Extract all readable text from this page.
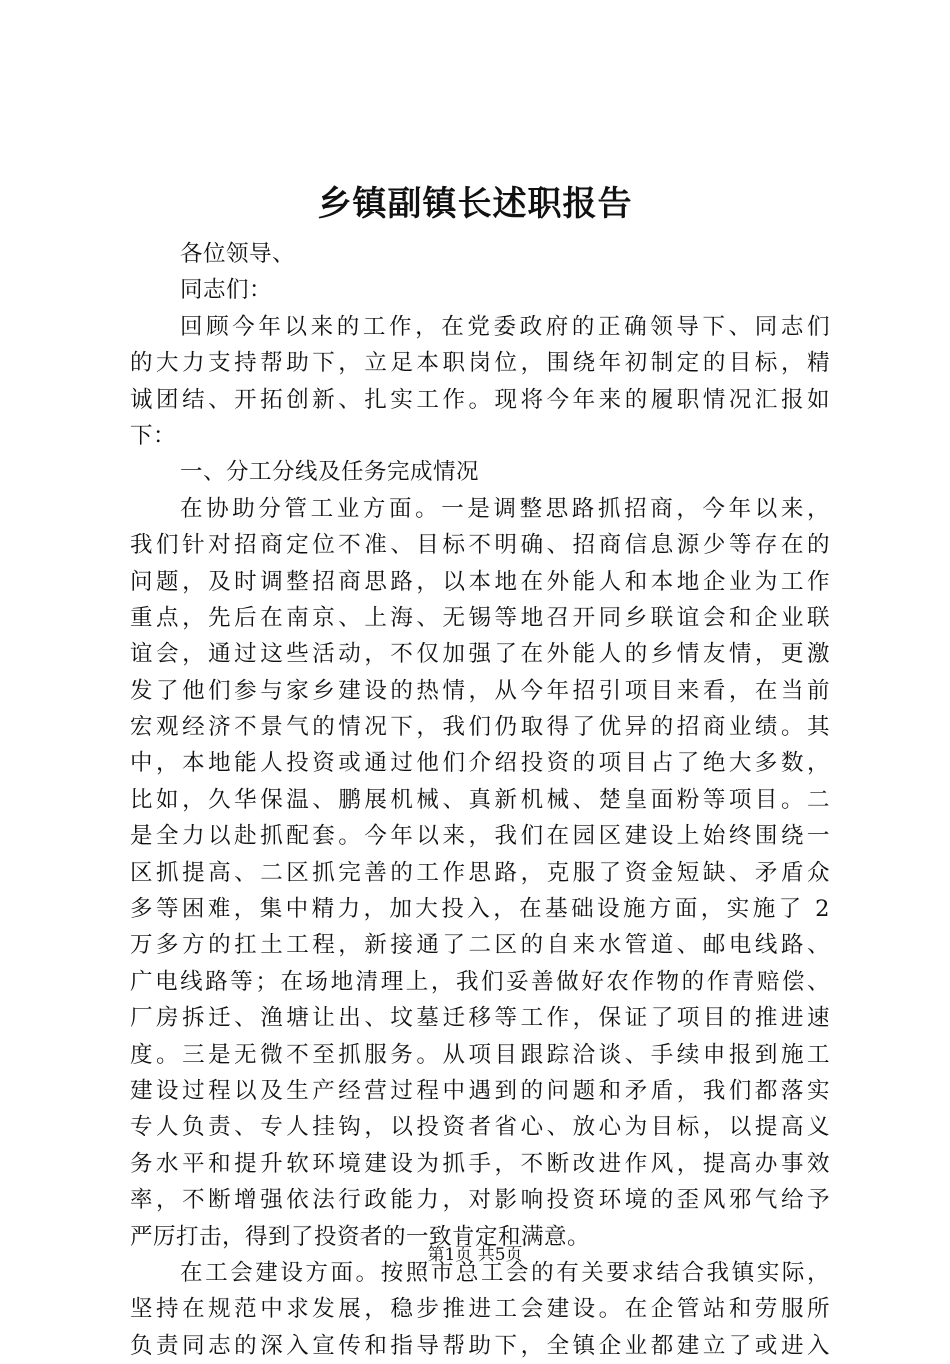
乡镇副镇长述职报告
各位领导、
同志们：
回顾今年以来的工作，在党委政府的正确领导下、同志们
的大力支持帮助下，立足本职岗位，围绕年初制定的目标，精
诚团结、开拓创新、扎实工作。现将今年来的履职情况汇报如
下：
一、分工分线及任务完成情况
在协助分管工业方面。一是调整思路抓招商，今年以来，
我们针对招商定位不准、目标不明确、招商信息源少等存在的
问题，及时调整招商思路，以本地在外能人和本地企业为工作
重点，先后在南京、上海、无锡等地召开同乡联谊会和企业联
谊会，通过这些活动，不仅加强了在外能人的乡情友情，更激
发了他们参与家乡建设的热情，从今年招引项目来看，在当前
宏观经济不景气的情况下，我们仍取得了优异的招商业绩。其
中，本地能人投资或通过他们介绍投资的项目占了绝大多数，
比如，久华保温、鹏展机械、真新机械、楚皇面粉等项目。二
是全力以赴抓配套。今年以来，我们在园区建设上始终围绕一
区抓提高、二区抓完善的工作思路，克服了资金短缺、矛盾众
多等困难，集中精力，加大投入，在基础设施方面，实施了 2
万多方的扛土工程，新接通了二区的自来水管道、邮电线路、
广电线路等；在场地清理上，我们妥善做好农作物的作青赔偿、
厂房拆迁、渔塘让出、坟墓迁移等工作，保证了项目的推进速
度。三是无微不至抓服务。从项目跟踪洽谈、手续申报到施工
建设过程以及生产经营过程中遇到的问题和矛盾，我们都落实
专人负责、专人挂钩，以投资者省心、放心为目标，以提高义
务水平和提升软环境建设为抓手，不断改进作风，提高办事效
率，不断增强依法行政能力，对影响投资环境的歪风邪气给予
严厉打击，得到了投资者的一致肯定和满意。
在工会建设方面。按照市总工会的有关要求结合我镇实际，
坚持在规范中求发展，稳步推进工会建设。在企管站和劳服所
负责同志的深入宣传和指导帮助下，全镇企业都建立了或进入
第1页 共5页
